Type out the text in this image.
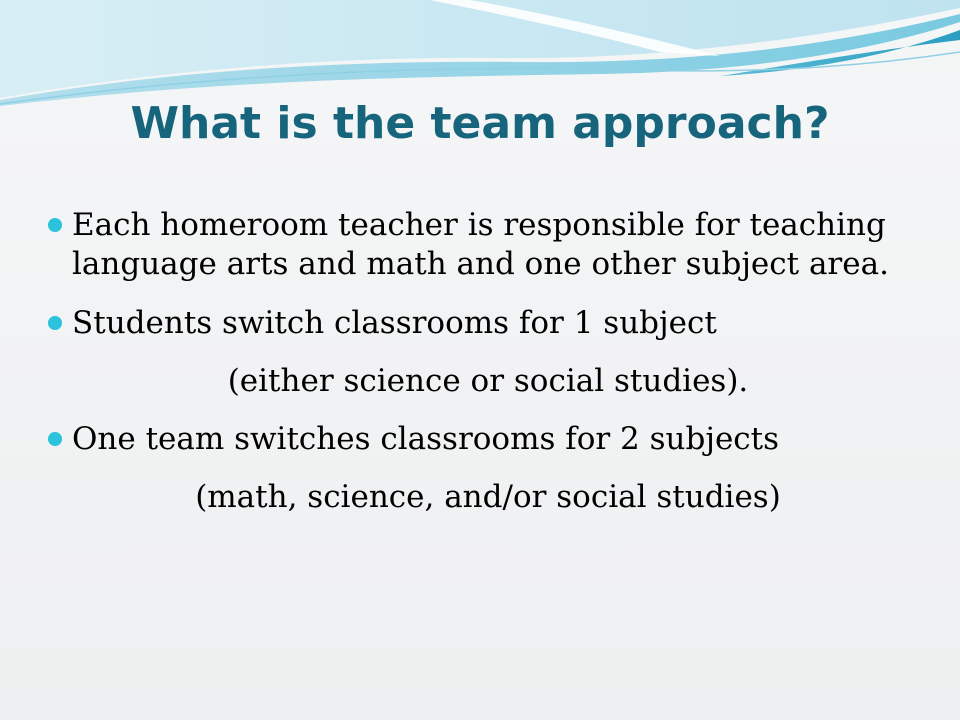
What is the team approach?
Each homeroom teacher is responsible for teaching language arts and math and one other subject area.
Students switch classrooms for 1 subject
(either science or social studies).
One team switches classrooms for 2 subjects
(math, science, and/or social studies)
